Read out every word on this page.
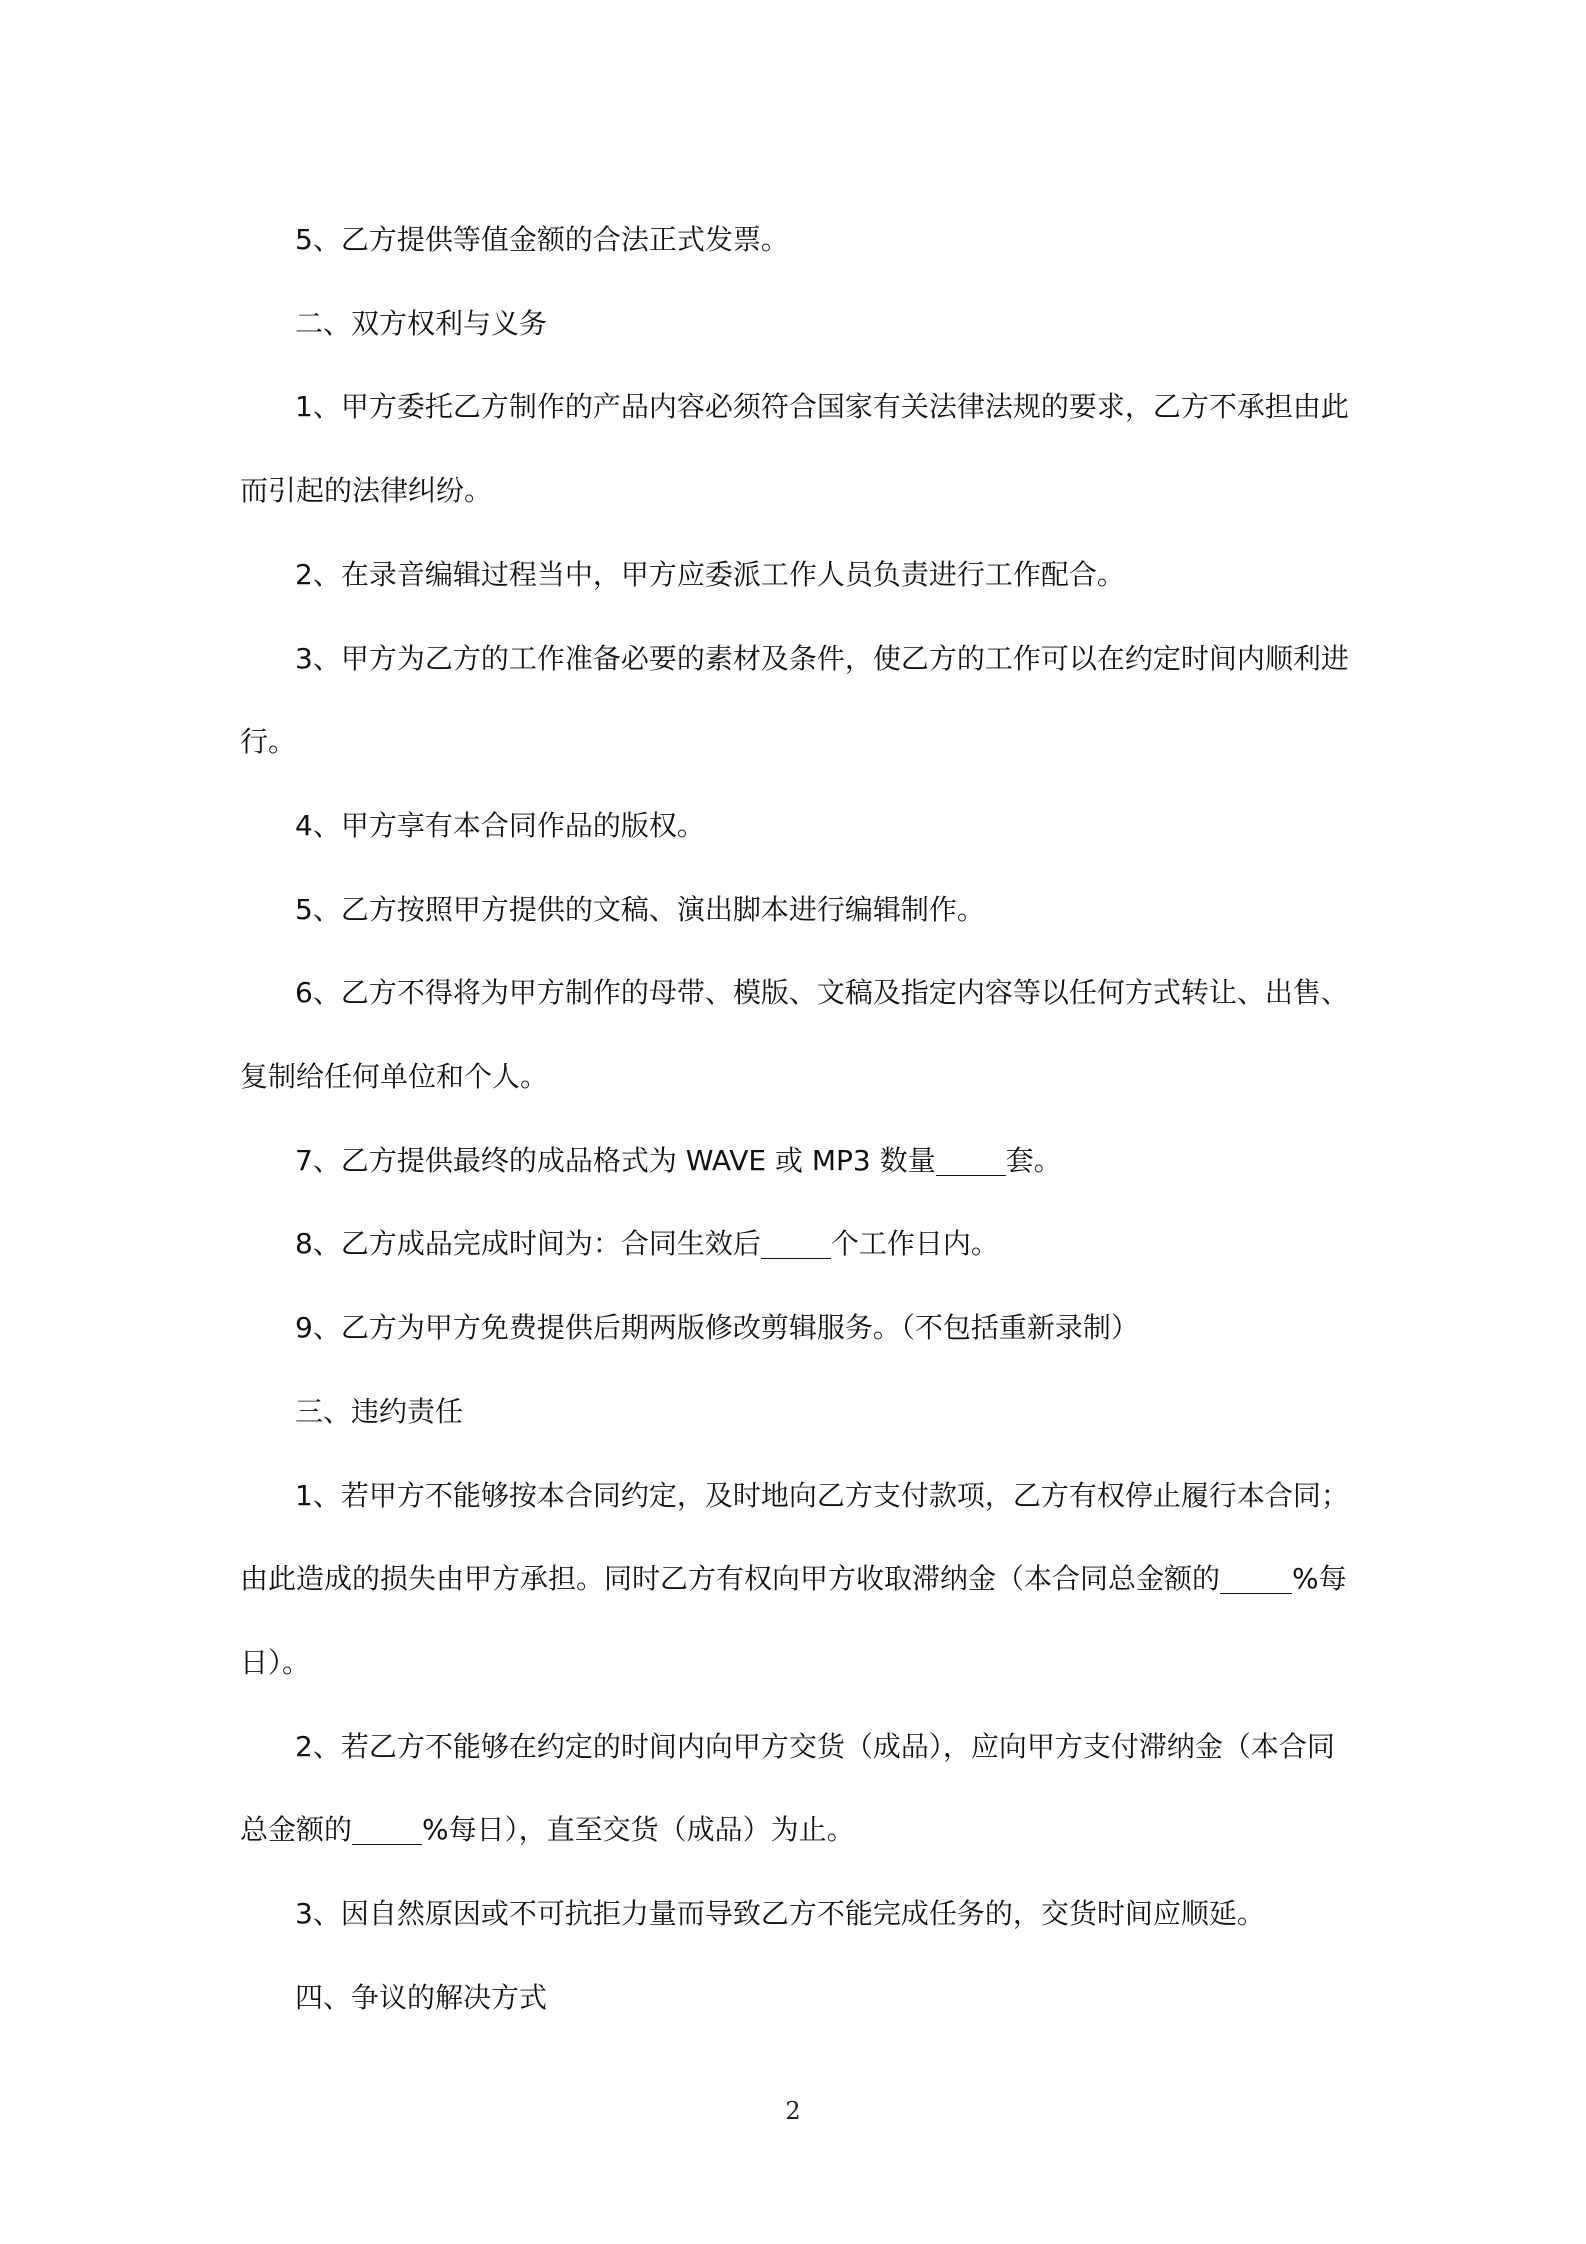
5、乙方提供等值金额的合法正式发票。

二、双方权利与义务

1、甲方委托乙方制作的产品内容必须符合国家有关法律法规的要求，乙方不承担由此

而引起的法律纠纷。

2、在录音编辑过程当中，甲方应委派工作人员负责进行工作配合。

3、甲方为乙方的工作准备必要的素材及条件，使乙方的工作可以在约定时间内顺利进

行。

4、甲方享有本合同作品的版权。

5、乙方按照甲方提供的文稿、演出脚本进行编辑制作。

6、乙方不得将为甲方制作的母带、模版、文稿及指定内容等以任何方式转让、出售、

复制给任何单位和个人。

7、乙方提供最终的成品格式为 WAVE 或 MP3 数量	套。

8、乙方成品完成时间为：合同生效后	个工作日内。

9、乙方为甲方免费提供后期两版修改剪辑服务。（不包括重新录制）

三、违约责任

1、若甲方不能够按本合同约定，及时地向乙方支付款项，乙方有权停止履行本合同；

由此造成的损失由甲方承担。同时乙方有权向甲方收取滞纳金（本合同总金额的	%每

日）。

2、若乙方不能够在约定的时间内向甲方交货（成品），应向甲方支付滞纳金（本合同

总金额的	%每日），直至交货（成品）为止。

3、因自然原因或不可抗拒力量而导致乙方不能完成任务的，交货时间应顺延。

四、争议的解决方式

2
